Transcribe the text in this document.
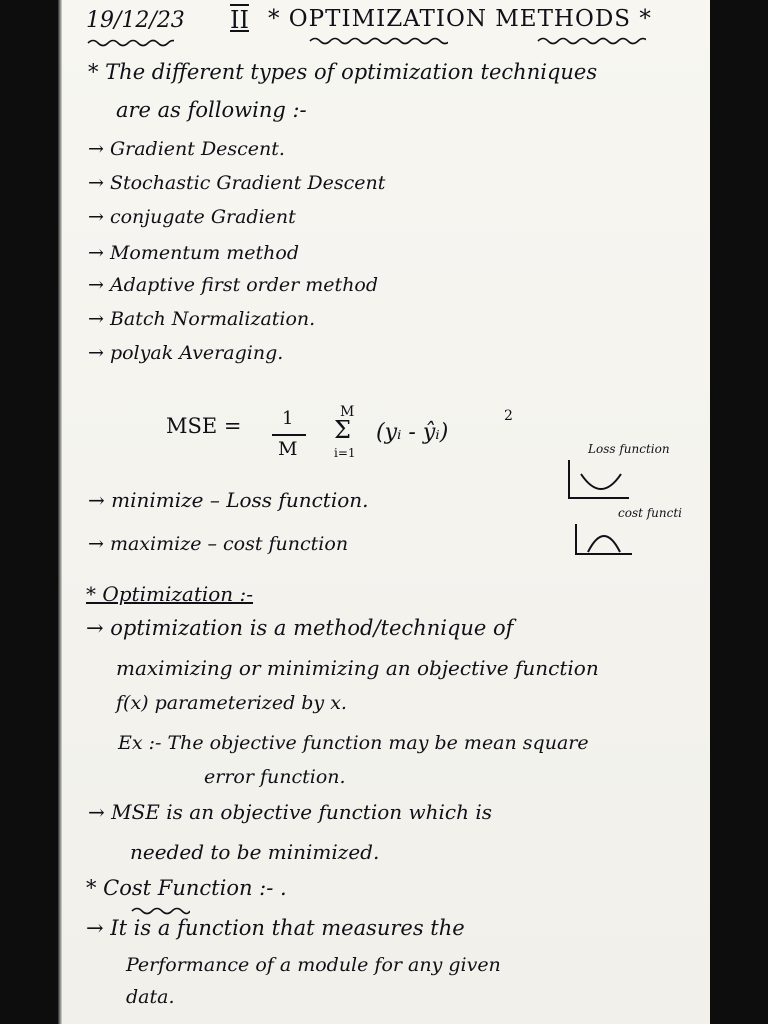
19/12/23 II * OPTIMIZATION METHODS *
* The different types of optimization techniques
are as following :-
→ Gradient Descent.
→ Stochastic Gradient Descent
→ conjugate Gradient
→ Momentum method
→ Adaptive first order method
→ Batch Normalization.
→ polyak Averaging.
MSE = 1
M
M
Σ
i=1
(yᵢ - ŷᵢ)
2
Loss function
cost functi
→ minimize – Loss function.
→ maximize – cost function
* Optimization :-
→ optimization is a method/technique of
maximizing or minimizing an objective function
f(x) parameterized by x.
Ex :- The objective function may be mean square
error function.
→ MSE is an objective function which is
needed to be minimized.
* Cost Function :- .
→ It is a function that measures the
Performance of a module for any given
data.
